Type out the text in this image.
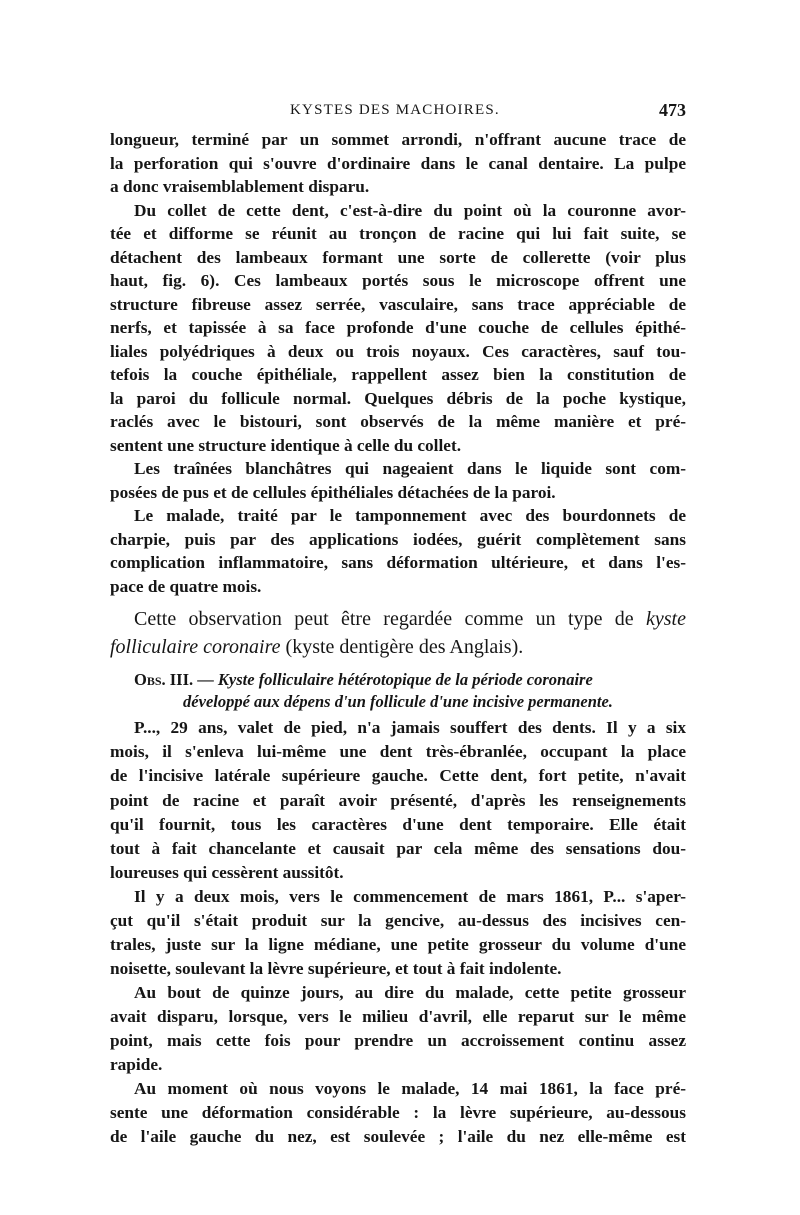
KYSTES DES MACHOIRES.	473
longueur, terminé par un sommet arrondi, n'offrant aucune trace de
la perforation qui s'ouvre d'ordinaire dans le canal dentaire. La pulpe
a donc vraisemblablement disparu.
Du collet de cette dent, c'est-à-dire du point où la couronne avor-
tée et difforme se réunit au tronçon de racine qui lui fait suite, se
détachent des lambeaux formant une sorte de collerette (voir plus
haut, fig. 6). Ces lambeaux portés sous le microscope offrent une
structure fibreuse assez serrée, vasculaire, sans trace appréciable de
nerfs, et tapissée à sa face profonde d'une couche de cellules épithé-
liales polyédriques à deux ou trois noyaux. Ces caractères, sauf tou-
tefois la couche épithéliale, rappellent assez bien la constitution de
la paroi du follicule normal. Quelques débris de la poche kystique,
raclés avec le bistouri, sont observés de la même manière et pré-
sentent une structure identique à celle du collet.
Les traînées blanchâtres qui nageaient dans le liquide sont com-
posées de pus et de cellules épithéliales détachées de la paroi.
Le malade, traité par le tamponnement avec des bourdonnets de
charpie, puis par des applications iodées, guérit complètement sans
complication inflammatoire, sans déformation ultérieure, et dans l'es-
pace de quatre mois.
Cette observation peut être regardée comme un type de kyste
folliculaire coronaire (kyste dentigère des Anglais).
Obs. III. — Kyste folliculaire hétérotopique de la période coronaire
développé aux dépens d'un follicule d'une incisive permanente.
P..., 29 ans, valet de pied, n'a jamais souffert des dents. Il y a six
mois, il s'enleva lui-même une dent très-ébranlée, occupant la place
de l'incisive latérale supérieure gauche. Cette dent, fort petite, n'avait
point de racine et paraît avoir présenté, d'après les renseignements
qu'il fournit, tous les caractères d'une dent temporaire. Elle était
tout à fait chancelante et causait par cela même des sensations dou-
loureuses qui cessèrent aussitôt.
Il y a deux mois, vers le commencement de mars 1861, P... s'aper-
çut qu'il s'était produit sur la gencive, au-dessus des incisives cen-
trales, juste sur la ligne médiane, une petite grosseur du volume d'une
noisette, soulevant la lèvre supérieure, et tout à fait indolente.
Au bout de quinze jours, au dire du malade, cette petite grosseur
avait disparu, lorsque, vers le milieu d'avril, elle reparut sur le même
point, mais cette fois pour prendre un accroissement continu assez
rapide.
Au moment où nous voyons le malade, 14 mai 1861, la face pré-
sente une déformation considérable : la lèvre supérieure, au-dessous
de l'aile gauche du nez, est soulevée ; l'aile du nez elle-même est
